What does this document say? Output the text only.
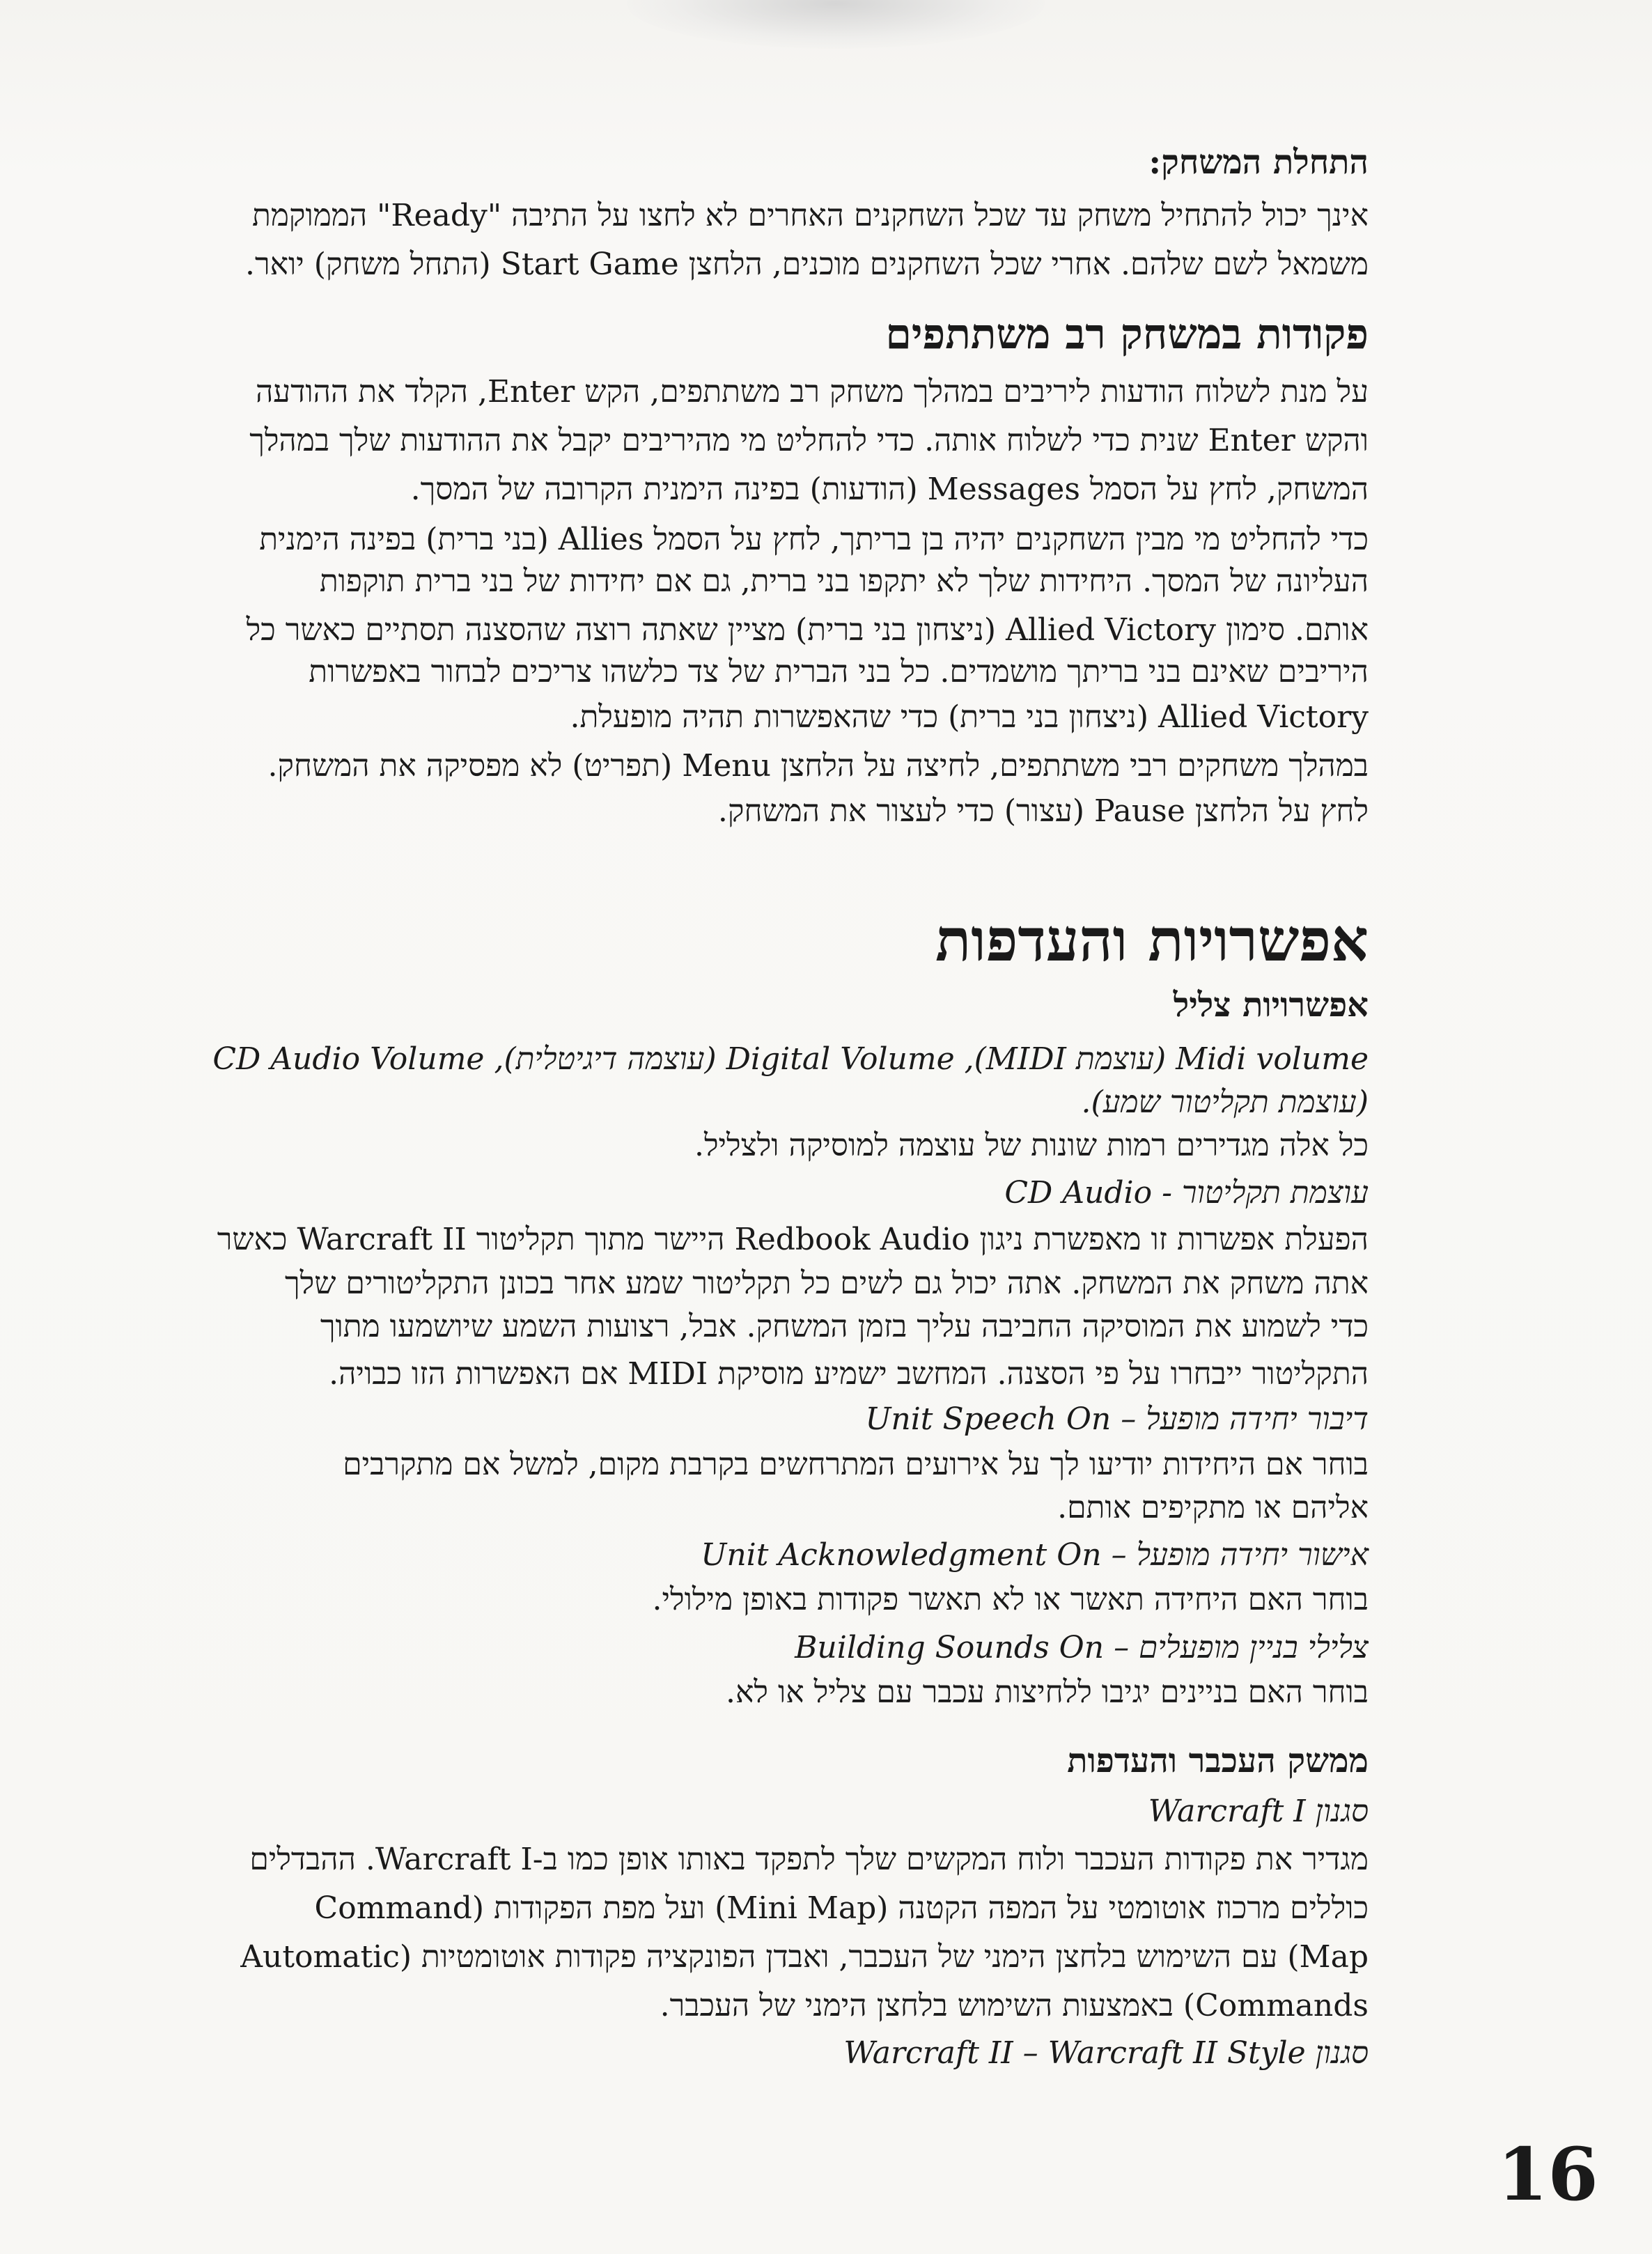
התחלת המשחק:
אינך יכול להתחיל משחק עד שכל השחקנים האחרים לא לחצו על התיבה "Ready" הממוקמת
משמאל לשם שלהם. אחרי שכל השחקנים מוכנים, הלחצן Start Game (התחל משחק) יואר.
פקודות במשחק רב משתתפים
על מנת לשלוח הודעות ליריבים במהלך משחק רב משתתפים, הקש Enter, הקלד את ההודעה
והקש Enter שנית כדי לשלוח אותה. כדי להחליט מי מהיריבים יקבל את ההודעות שלך במהלך
המשחק, לחץ על הסמל Messages (הודעות) בפינה הימנית הקרובה של המסך.
כדי להחליט מי מבין השחקנים יהיה בן בריתך, לחץ על הסמל Allies (בני ברית) בפינה הימנית
העליונה של המסך. היחידות שלך לא יתקפו בני ברית, גם אם יחידות של בני ברית תוקפות
אותם. סימון Allied Victory (ניצחון בני ברית) מציין שאתה רוצה שהסצנה תסתיים כאשר כל
היריבים שאינם בני בריתך מושמדים. כל בני הברית של צד כלשהו צריכים לבחור באפשרות
Allied Victory (ניצחון בני ברית) כדי שהאפשרות תהיה מופעלת.
במהלך משחקים רבי משתתפים, לחיצה על הלחצן Menu (תפריט) לא מפסיקה את המשחק.
לחץ על הלחצן Pause (עצור) כדי לעצור את המשחק.
אפשרויות והעדפות
אפשרויות צליל
Midi volume (עוצמת MIDI), Digital Volume (עוצמה דיגיטלית), CD Audio Volume
(עוצמת תקליטור שמע).
כל אלה מגדירים רמות שונות של עוצמה למוסיקה ולצליל.
עוצמת תקליטור - CD Audio
הפעלת אפשרות זו מאפשרת ניגון Redbook Audio היישר מתוך תקליטור Warcraft II כאשר
אתה משחק את המשחק. אתה יכול גם לשים כל תקליטור שמע אחר בכונן התקליטורים שלך
כדי לשמוע את המוסיקה החביבה עליך בזמן המשחק. אבל, רצועות השמע שיושמעו מתוך
התקליטור ייבחרו על פי הסצנה. המחשב ישמיע מוסיקת MIDI אם האפשרות הזו כבויה.
דיבור יחידה מופעל – Unit Speech On
בוחר אם היחידות יודיעו לך על אירועים המתרחשים בקרבת מקום, למשל אם מתקרבים
אליהם או מתקיפים אותם.
אישור יחידה מופעל – Unit Acknowledgment On
בוחר האם היחידה תאשר או לא תאשר פקודות באופן מילולי.
צלילי בניין מופעלים – Building Sounds On
בוחר האם בניינים יגיבו ללחיצות עכבר עם צליל או לא.
ממשק העכבר והעדפות
סגנון Warcraft I
מגדיר את פקודות העכבר ולוח המקשים שלך לתפקד באותו אופן כמו ב-Warcraft I. ההבדלים
כוללים מרכוז אוטומטי על המפה הקטנה (Mini Map) ועל מפת הפקודות (Command
Map) עם השימוש בלחצן הימני של העכבר, ואבדן הפונקציה פקודות אוטומטיות (Automatic
Commands) באמצעות השימוש בלחצן הימני של העכבר.
סגנון Warcraft II – Warcraft II Style
16
